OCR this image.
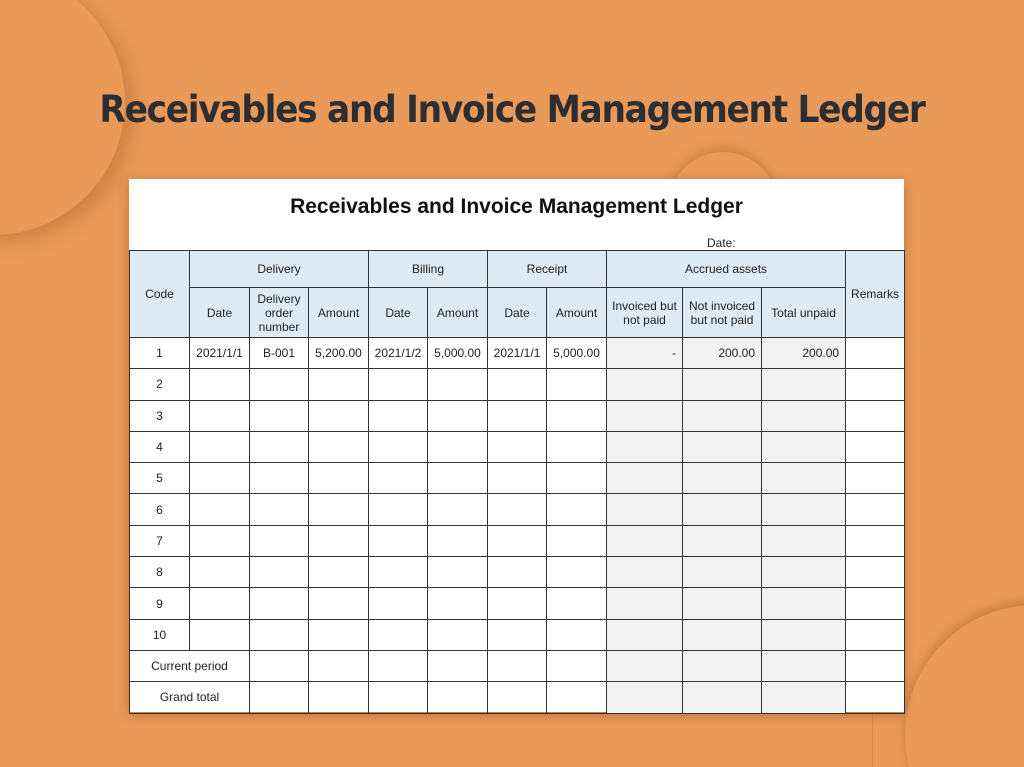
Receivables and Invoice Management Ledger
Receivables and Invoice Management Ledger
Date:
Code	Delivery			Billing		Receipt		Accrued assets			Remarks
	Date	Delivery order number	Amount	Date	Amount	Date	Amount	Invoiced but not paid	Not invoiced but not paid	Total unpaid	
1	2021/1/1	B-001	5,200.00	2021/1/2	5,000.00	2021/1/1	5,000.00	-	200.00	200.00	
2											
3											
4											
5											
6											
7											
8											
9											
10											
Current period											
Grand total											
